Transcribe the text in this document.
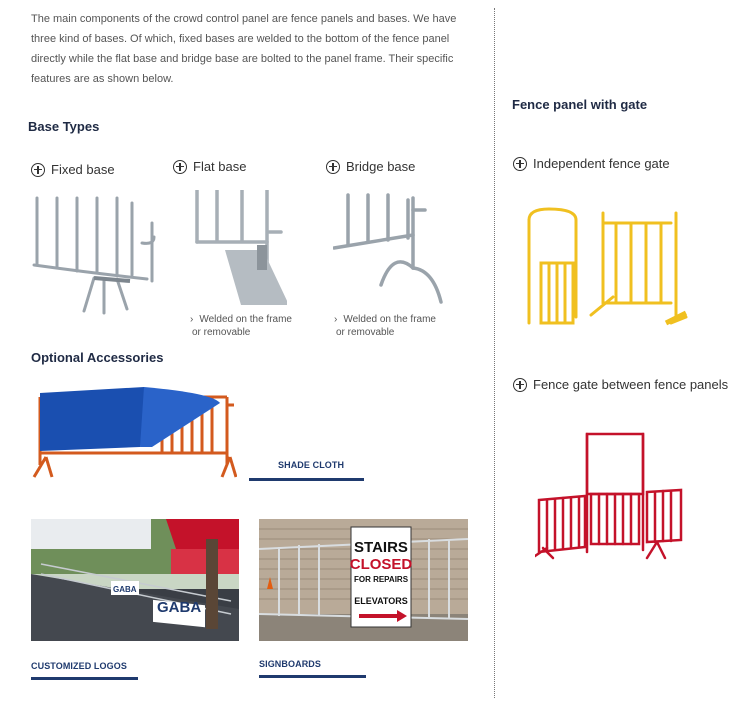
The main components of the crowd control panel are fence panels and bases. We have
three kind of bases. Of which, fixed bases are welded to the bottom of the fence panel
directly while the flat base and bridge base are bolted to the panel frame. Their specific
features are as shown below.
Base Types
Fixed base	Flat base	Bridge base
› Welded on the frame
or removable
› Welded on the frame
or removable
Optional Accessories
SHADE CLOTH
GABA
GABA
CUSTOMIZED LOGOS
STAIRS
CLOSED
FOR REPAIRS
ELEVATORS
SIGNBOARDS
Fence panel with gate
Independent fence gate
Fence gate between fence panels
